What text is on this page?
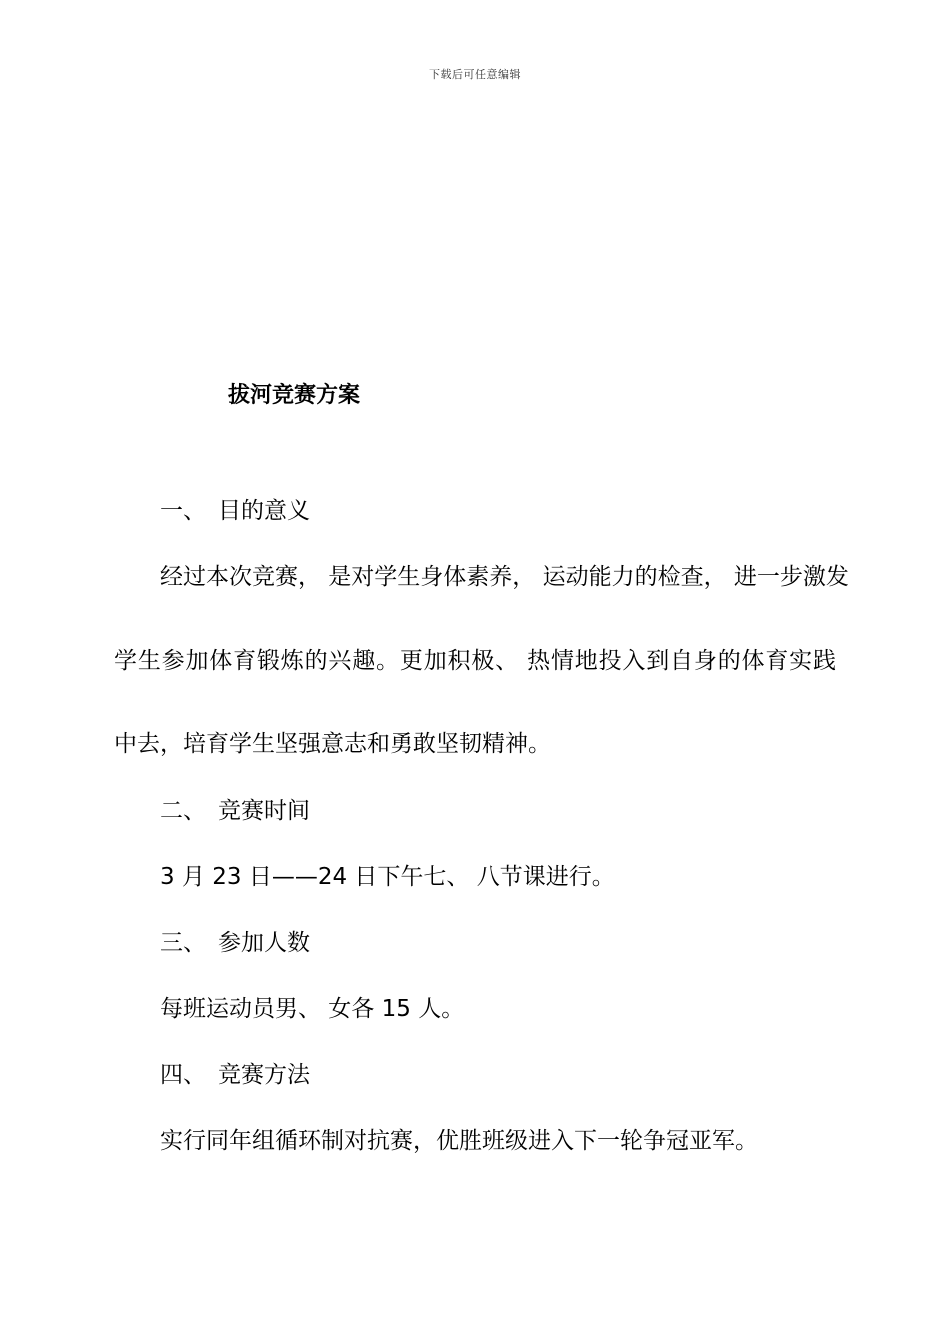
下载后可任意编辑
拔河竞赛方案
一、 目的意义
经过本次竞赛， 是对学生身体素养， 运动能力的检查， 进一步激发
学生参加体育锻炼的兴趣。更加积极、 热情地投入到自身的体育实践
中去，培育学生坚强意志和勇敢坚韧精神。
二、 竞赛时间
3 月 23 日——24 日下午七、 八节课进行。
三、 参加人数
每班运动员男、 女各 15 人。
四、 竞赛方法
实行同年组循环制对抗赛，优胜班级进入下一轮争冠亚军。
